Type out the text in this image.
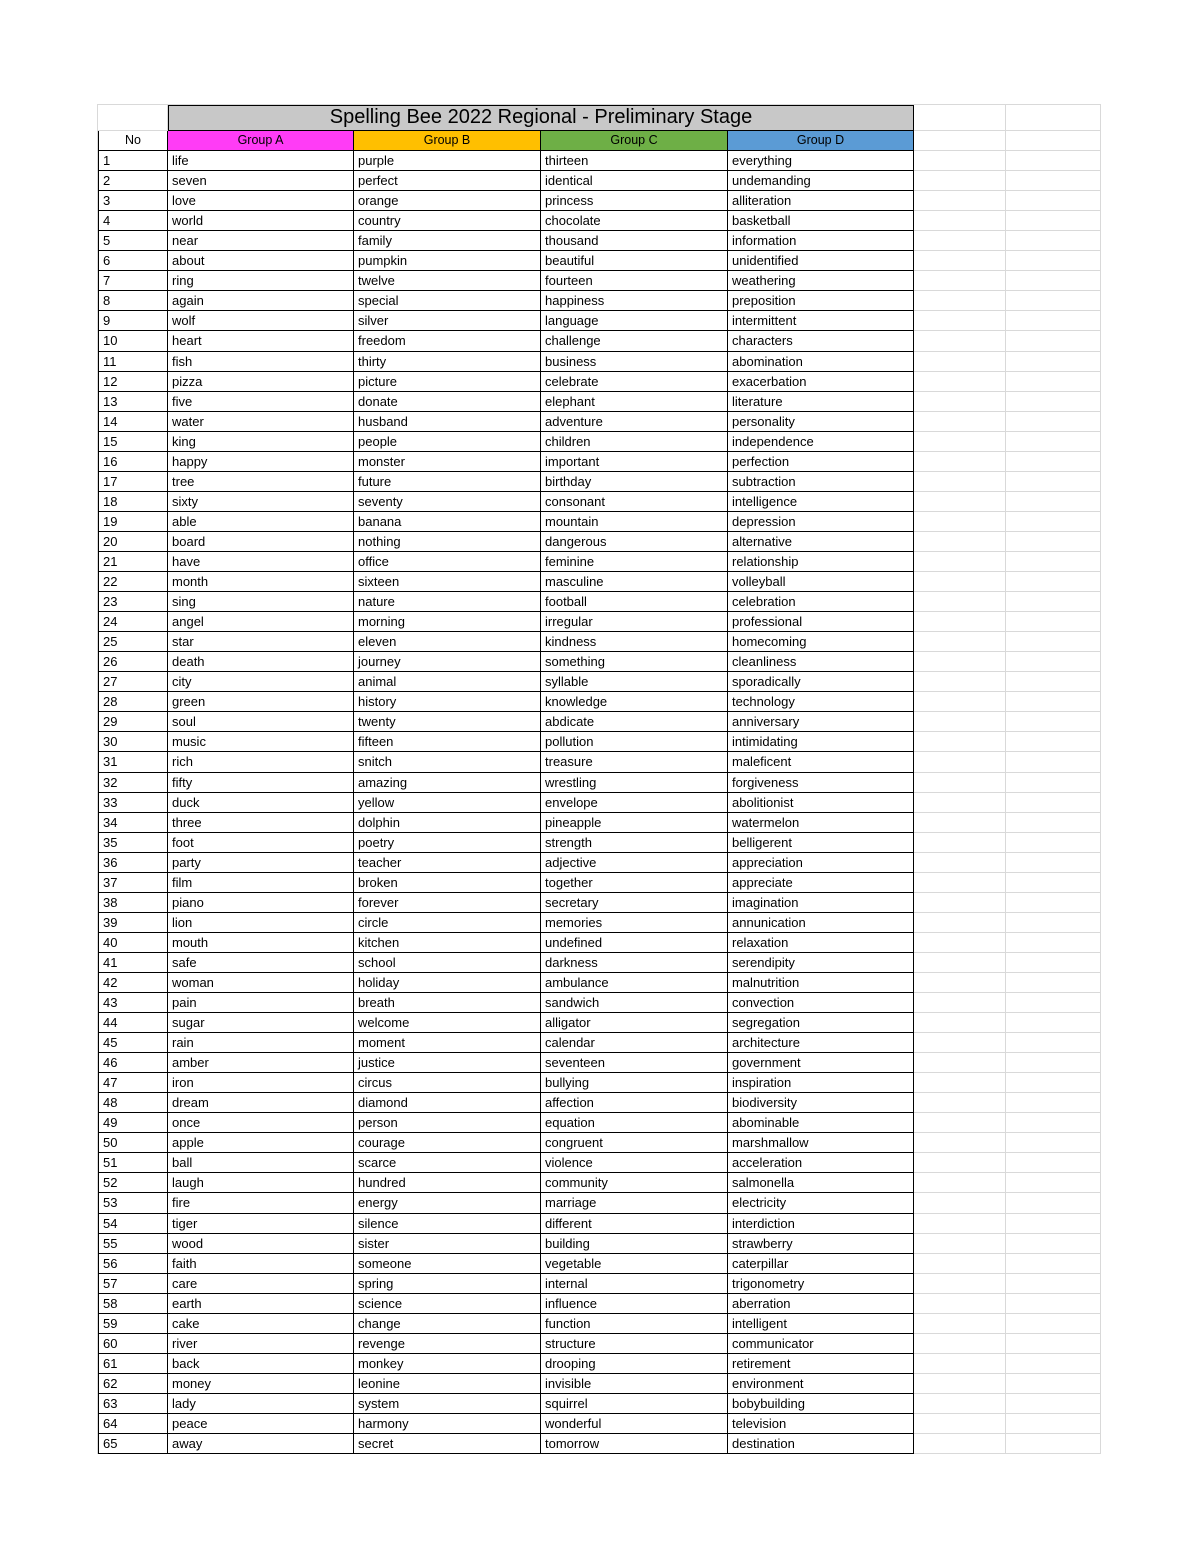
Spelling Bee 2022 Regional - Preliminary Stage
No	Group A	Group B	Group C	Group D
1	life	purple	thirteen	everything
2	seven	perfect	identical	undemanding
3	love	orange	princess	alliteration
4	world	country	chocolate	basketball
5	near	family	thousand	information
6	about	pumpkin	beautiful	unidentified
7	ring	twelve	fourteen	weathering
8	again	special	happiness	preposition
9	wolf	silver	language	intermittent
10	heart	freedom	challenge	characters
11	fish	thirty	business	abomination
12	pizza	picture	celebrate	exacerbation
13	five	donate	elephant	literature
14	water	husband	adventure	personality
15	king	people	children	independence
16	happy	monster	important	perfection
17	tree	future	birthday	subtraction
18	sixty	seventy	consonant	intelligence
19	able	banana	mountain	depression
20	board	nothing	dangerous	alternative
21	have	office	feminine	relationship
22	month	sixteen	masculine	volleyball
23	sing	nature	football	celebration
24	angel	morning	irregular	professional
25	star	eleven	kindness	homecoming
26	death	journey	something	cleanliness
27	city	animal	syllable	sporadically
28	green	history	knowledge	technology
29	soul	twenty	abdicate	anniversary
30	music	fifteen	pollution	intimidating
31	rich	snitch	treasure	maleficent
32	fifty	amazing	wrestling	forgiveness
33	duck	yellow	envelope	abolitionist
34	three	dolphin	pineapple	watermelon
35	foot	poetry	strength	belligerent
36	party	teacher	adjective	appreciation
37	film	broken	together	appreciate
38	piano	forever	secretary	imagination
39	lion	circle	memories	annunication
40	mouth	kitchen	undefined	relaxation
41	safe	school	darkness	serendipity
42	woman	holiday	ambulance	malnutrition
43	pain	breath	sandwich	convection
44	sugar	welcome	alligator	segregation
45	rain	moment	calendar	architecture
46	amber	justice	seventeen	government
47	iron	circus	bullying	inspiration
48	dream	diamond	affection	biodiversity
49	once	person	equation	abominable
50	apple	courage	congruent	marshmallow
51	ball	scarce	violence	acceleration
52	laugh	hundred	community	salmonella
53	fire	energy	marriage	electricity
54	tiger	silence	different	interdiction
55	wood	sister	building	strawberry
56	faith	someone	vegetable	caterpillar
57	care	spring	internal	trigonometry
58	earth	science	influence	aberration
59	cake	change	function	intelligent
60	river	revenge	structure	communicator
61	back	monkey	drooping	retirement
62	money	leonine	invisible	environment
63	lady	system	squirrel	bobybuilding
64	peace	harmony	wonderful	television
65	away	secret	tomorrow	destination
